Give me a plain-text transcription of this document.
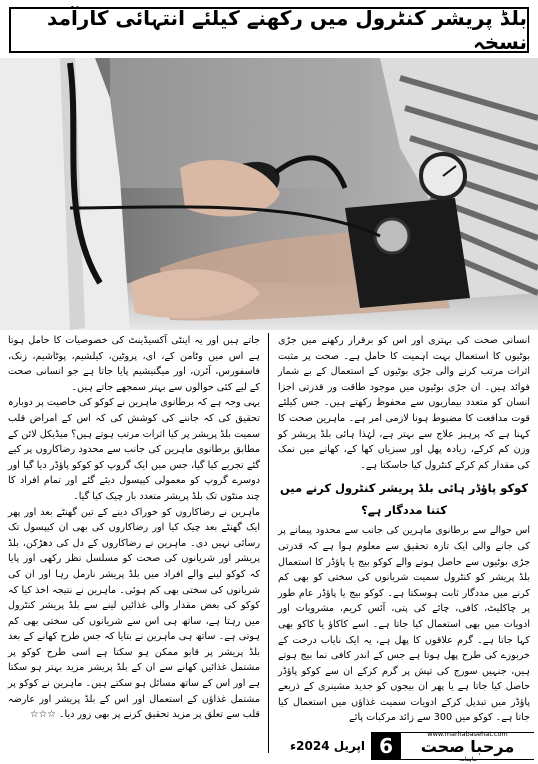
بلڈ پریشر کنٹرول میں رکھنے کیلئے انتہائی کارآمد نسخہ

انسانی صحت کی بہتری اور اس کو برقرار رکھنے میں جڑی بوٹیوں کا استعمال بہت اہمیت کا حامل ہے۔ صحت پر مثبت اثرات مرتب کرنے والی جڑی بوٹیوں کے استعمال کے بے شمار فوائد ہیں۔ ان جڑی بوٹیوں میں موجود طاقت ور قدرتی اجزا انسان کو متعدد بیماریوں سے محفوظ رکھتے ہیں۔ جس کیلئے قوت مدافعت کا مضبوط ہونا لازمی امر ہے۔ ماہرین صحت کا کہنا ہے کہ پرہیز علاج سے بہتر ہے، لہٰذا ہائی بلڈ پریشر کو وزن کم کرکے، زیادہ پھل اور سبزیاں کھا کے، کھانے میں نمک کی مقدار کم کرکے کنٹرول کیا جاسکتا ہے۔

کوکو پاؤڈر ہائی بلڈ پریشر کنٹرول کرنے میں کتنا مددگار ہے؟

اس حوالے سے برطانوی ماہرین کی جانب سے محدود پیمانے پر کی جانے والی ایک تازہ تحقیق سے معلوم ہوا ہے کہ قدرتی جڑی بوٹیوں سے حاصل ہونے والے کوکو بیج یا پاؤڈر کا استعمال بلڈ پریشر کو کنٹرول سمیت شریانوں کی سختی کو بھی کم کرنے میں مددگار ثابت ہوسکتا ہے۔ کوکو بیج یا پاؤڈر عام طور پر چاکلیٹ، کافی، چائے کی پتی، آئس کریم، مشروبات اور ادویات میں بھی استعمال کیا جاتا ہے۔ اسے کاکاؤ یا کاکو بھی کہا جاتا ہے۔ گرم علاقوں کا پھل ہے، یہ ایک نایاب درخت کے خربوزے کی طرح پھل ہوتا ہے جس کے اندر کافی نما بیج ہوتے ہیں، جنہیں سورج کی تپش پر گرم کرکے ان سے کوکو پاؤڈر حاصل کیا جاتا ہے یا پھر ان بیجوں کو جدید مشینری کے ذریعے پاؤڈر میں تبدیل کرکے ادویات سمیت غذاؤں میں استعمال کیا جاتا ہے۔ کوکو میں 300 سے زائد مرکبات پائے

جاتے ہیں اور یہ اینٹی آکسیڈینٹ کی خصوصیات کا حامل ہوتا ہے اس میں وٹامن کے، ای، پروٹین، کیلشیم، پوٹاشیم، زنک، فاسفورس، آئرن، اور میگنیشیم پایا جاتا ہے جو انسانی صحت کے لیے کئی حوالوں سے بہتر سمجھے جاتے ہیں۔

یہی وجہ ہے کہ برطانوی ماہرین نے کوکو کی خاصیت پر دوبارہ تحقیق کی کہ جاننے کی کوشش کی کہ اس کے امراض قلب سمیت بلڈ پریشر پر کیا اثرات مرتب ہوتے ہیں؟ میڈیکل لائن کے مطابق برطانوی ماہرین کی جانب سے محدود رضاکاروں پر کیے گئے تجربے کیا گیا، جس میں ایک گروپ کو کوکو پاؤڈر دیا گیا اور دوسرے گروپ کو معمولی کیپسول دیئے گئے اور تمام افراد کا چند منٹوں تک بلڈ پریشر متعدد بار چیک کیا گیا۔

ماہرین نے رضاکاروں کو خوراک دینے کے تین گھنٹے بعد اور پھر ایک گھنٹے بعد چیک کیا اور رضاکاروں کی بھی ان کیپسول تک رسائی نہیں دی۔ ماہرین نے رضاکاروں کے دل کی دھڑکن، بلڈ پریشر اور شریانوں کی صحت کو مسلسل نظر رکھی اور پایا کہ کوکو لینے والے افراد میں بلڈ پریشر نارمل رہا اور ان کی شریانوں کی سختی بھی کم ہوئی۔ ماہرین نے نتیجہ اخذ کیا کہ کوکو کی بعض مقدار والی غذائیں لینے سے بلڈ پریشر کنٹرول میں رہتا ہے، ساتھ ہی اس سے شریانوں کی سختی بھی کم ہوتی ہے۔ ساتھ ہی ماہرین نے بتایا کہ جس طرح کھانے کے بعد بلڈ پریشر پر قابو ممکن ہو سکتا ہے اسی طرح کوکو پر مشتمل غذائیں کھانے سے ان کے بلڈ پریشر مزید بہتر ہو سکتا ہے اور اس کے ساتھ مسائل ہو سکتے ہیں۔ ماہرین نے کوکو پر مشتمل غذاؤں کے استعمال اور اس کے بلڈ پریشر اور عارضہ قلب سے تعلق پر مزید تحقیق کرنے پر بھی زور دیا۔ ☆☆☆

اپریل 2024ء 6
www.marhabasehat.com
مرحبا صحت
ماہنامہ
